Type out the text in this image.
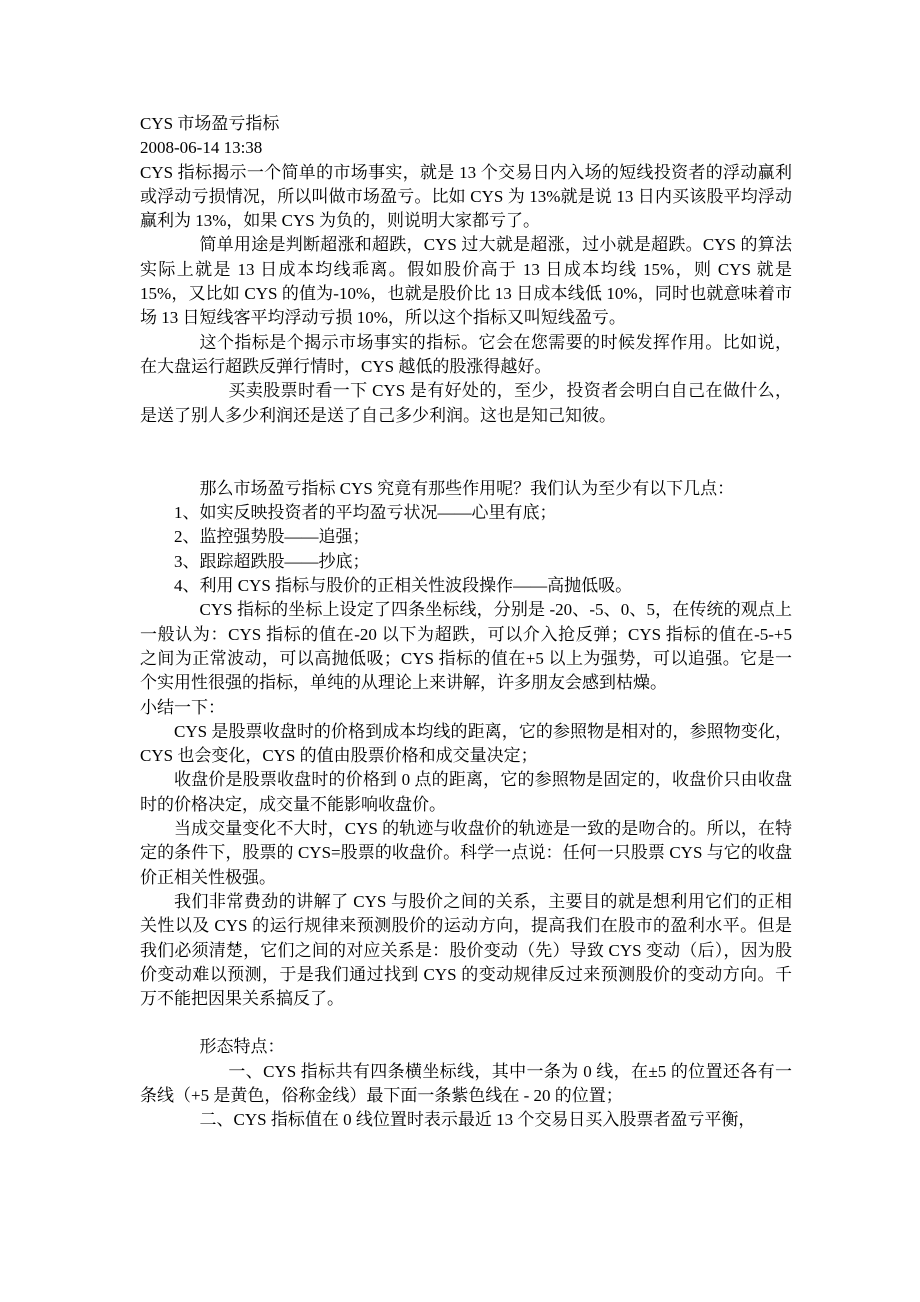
CYS 市场盈亏指标

2008-06-14 13:38

CYS 指标揭示一个简单的市场事实，就是 13 个交易日内入场的短线投资者的浮动赢利或浮动亏损情况，所以叫做市场盈亏。比如 CYS 为 13%就是说 13 日内买该股平均浮动赢利为 13%，如果 CYS 为负的，则说明大家都亏了。

简单用途是判断超涨和超跌，CYS 过大就是超涨，过小就是超跌。CYS 的算法实际上就是 13 日成本均线乖离。假如股价高于 13 日成本均线 15%，则 CYS 就是 15%，又比如 CYS 的值为-10%，也就是股价比 13 日成本线低 10%，同时也就意味着市场 13 日短线客平均浮动亏损 10%，所以这个指标又叫短线盈亏。

这个指标是个揭示市场事实的指标。它会在您需要的时候发挥作用。比如说，在大盘运行超跌反弹行情时，CYS 越低的股涨得越好。

买卖股票时看一下 CYS 是有好处的，至少，投资者会明白自己在做什么，是送了别人多少利润还是送了自己多少利润。这也是知己知彼。

那么市场盈亏指标 CYS 究竟有那些作用呢？我们认为至少有以下几点：

1、如实反映投资者的平均盈亏状况——心里有底；

2、监控强势股——追强；

3、跟踪超跌股——抄底；

4、利用 CYS 指标与股价的正相关性波段操作——高抛低吸。

CYS 指标的坐标上设定了四条坐标线，分别是 -20、-5、0、5，在传统的观点上一般认为：CYS 指标的值在-20 以下为超跌，可以介入抢反弹；CYS 指标的值在-5-+5 之间为正常波动，可以高抛低吸；CYS 指标的值在+5 以上为强势，可以追强。它是一个实用性很强的指标，单纯的从理论上来讲解，许多朋友会感到枯燥。

小结一下：

CYS 是股票收盘时的价格到成本均线的距离，它的参照物是相对的，参照物变化，CYS 也会变化，CYS 的值由股票价格和成交量决定；

收盘价是股票收盘时的价格到 0 点的距离，它的参照物是固定的，收盘价只由收盘时的价格决定，成交量不能影响收盘价。

当成交量变化不大时，CYS 的轨迹与收盘价的轨迹是一致的是吻合的。所以，在特定的条件下，股票的 CYS=股票的收盘价。科学一点说：任何一只股票 CYS 与它的收盘价正相关性极强。

我们非常费劲的讲解了 CYS 与股价之间的关系，主要目的就是想利用它们的正相关性以及 CYS 的运行规律来预测股价的运动方向，提高我们在股市的盈利水平。但是我们必须清楚，它们之间的对应关系是：股价变动（先）导致 CYS 变动（后），因为股价变动难以预测，于是我们通过找到 CYS 的变动规律反过来预测股价的变动方向。千万不能把因果关系搞反了。

形态特点：

一、CYS 指标共有四条横坐标线，其中一条为 0 线，在±5 的位置还各有一条线（+5 是黄色，俗称金线）最下面一条紫色线在 - 20 的位置；

二、CYS 指标值在 0 线位置时表示最近 13 个交易日买入股票者盈亏平衡，
